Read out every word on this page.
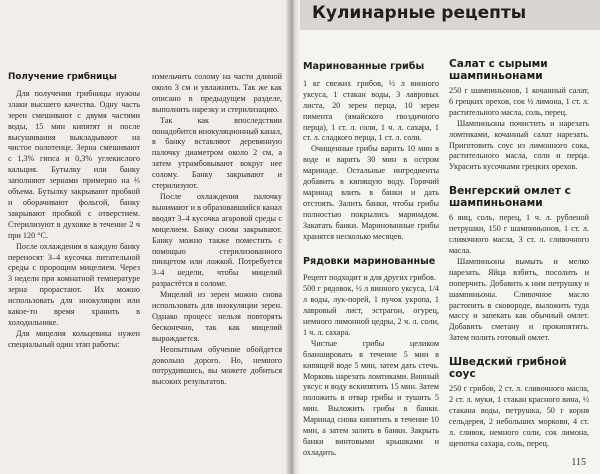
Кулинарные рецепты
Получение грибницы

Для получения грибницы нужны злаки высшего качества. Одну часть зерен смешивают с двумя частями воды, 15 мин кипятят и после высушивания выкладывают на чистое полотенце. Зерна смешивают с 1,3% гипса и 0,3% углекислого кальция. Бутылку или банку заполняют зернами примерно на ⅔ объема. Бутылку закрывают пробкой и оборачивают фольгой, банку закрывают пробкой с отверстием. Стерилизуют в духовке в течение 2 ч при 120 °С.

После охлаждения в каждую банку переносят 3–4 кусочка питательной среды с пророщим мицелием. Через 3 недели при комнатной температуре зерна прорастают. Их можно использовать для инокуляции или какое-то время хранить в холодильнике.

Для мицелия кольцевика нужен специальный один этап работы:

измельчить солому на части длиной около 3 см и увлажнить. Так же как описано в предыдущем разделе, выполнить нарезку и стерилизацию.

Так как впоследствии понадобится инокуляционный канал, в банку вставляют деревянную палочку диаметром около 2 см, а затем утрамбовывают вокруг нее солому. Банку закрывают и стерилизуют.

После охлаждения палочку вынимают и в образовавшийся канал вводят 3–4 кусочка агаровой среды с мицелием. Банку снова закрывают. Банку можно также поместить с помощью стерилизованного пинцетом или ложкой. Потребуется 3–4 недели, чтобы мицелий разрастётся в соломе.

Мицелий из зерен можно снова использовать для инокуляции зерен. Однако процесс нельзя повторять бесконечно, так как мицелий вырождается.

Неопытным обучение обойдется довольно дорого. Но, немного потрудившись, вы можете добиться высоких результатов.

Маринованные грибы

1 кг свежих грибов, ½ л винного уксуса, 1 стакан воды, 3 лавровых листа, 20 зерен перца, 10 зерен пимента (ямайского гвоздичного перца), 1 ст. л. соли, 1 ч. л. сахара, 1 ст. л. сладкого перца, 1 ст. л. соли.

Очищенные грибы варить 10 мин в воде и варить 30 мин в остром маринаде. Остальные ингредиенты добавить в кипящую воду. Горячий маринад влить в банки и дать отстоять. Залить банки, чтобы грибы полностью покрылись маринадом. Закатать банки. Маринованные грибы хранятся несколько месяцев.

Рядовки маринованные

Рецепт подходит и для других грибов.

500 г рядовок, ½ л винного уксуса, 1/4 л воды, лук-порей, 1 пучок укропа, 1 лавровый лист, эстрагон, огурец, немного лимонной цедры, 2 ч. л. соли, 1 ч. л. сахара.

Чистые грибы целиком бланшировать в течение 5 мин в кипящей воде 5 мин, затем дать стечь. Морковь нарезать ломтиками. Винный уксус и воду вскипятить 15 мин. Затем положить в отвар грибы и тушить 5 мин. Выложить грибы в банки. Маринад снова кипятить в течение 10 мин, а затем залить в банки. Закрыть банки винтовыми крышками и охладить.

Салат с сырыми шампиньонами

250 г шампиньонов, 1 кочанный салат, 6 грецких орехов, сок ½ лимона, 1 ст. л. растительного масла, соль, перец.

Шампиньоны почистить и нарезать ломтиками, кочанный салат нарезать. Приготовить соус из лимонного сока, растительного масла, соли и перца. Украсить кусочками грецких орехов.

Венгерский омлет с шампиньонами

6 яиц, соль, перец, 1 ч. л. рубленой петрушки, 150 г шампиньонов, 1 ст. л. сливочного масла, 3 ст. л. сливочного масла.

Шампиньоны вымыть и мелко нарезать. Яйца взбить, посолить и поперчить. Добавить к ним петрушку и шампиньоны. Сливочное масло растопить в сковороде, выложить туда массу и запекать как обычный омлет. Добавить сметану и прокипятить. Затем полить готовый омлет.

Шведский грибной соус

250 г грибов, 2 ст. л. сливочного масла, 2 ст. л. муки, 1 стакан красного вина, ½ стакана воды, петрушка, 50 г корня сельдерея, 2 небольших моркови, 4 ст. л. сливок, немного соли, сок лимона, щепотка сахара, соль, перец.

115
